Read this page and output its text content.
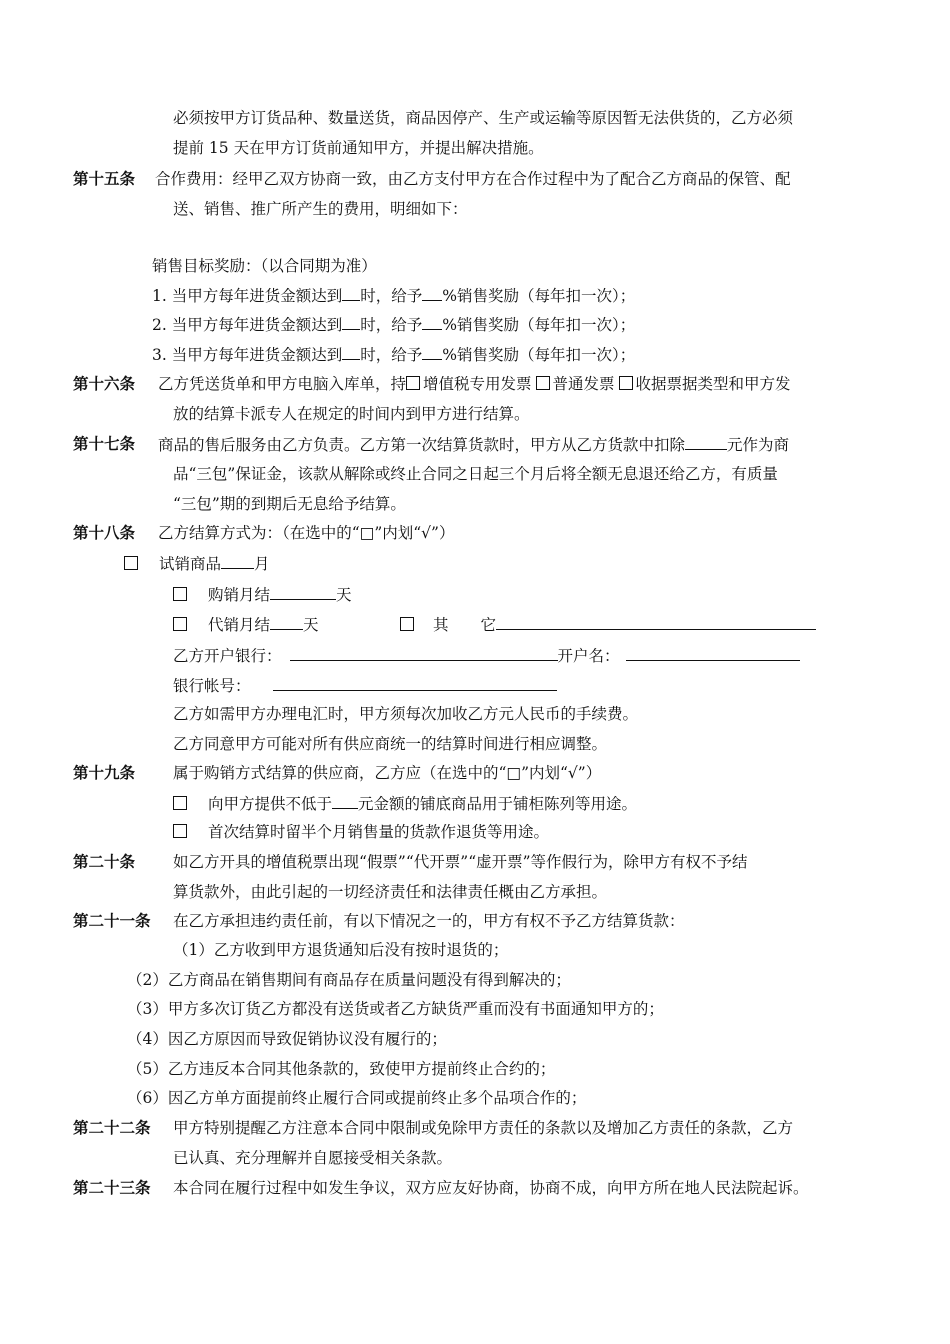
必须按甲方订货品种、数量送货，商品因停产、生产或运输等原因暂无法供货的，乙方必须
提前 15 天在甲方订货前通知甲方，并提出解决措施。
第十五条 合作费用：经甲乙双方协商一致，由乙方支付甲方在合作过程中为了配合乙方商品的保管、配
送、销售、推广所产生的费用，明细如下：
销售目标奖励：（以合同期为准）
1. 当甲方每年进货金额达到 时，给予 %销售奖励（每年扣一次）；
2. 当甲方每年进货金额达到 时，给予 %销售奖励（每年扣一次）；
3. 当甲方每年进货金额达到 时，给予 %销售奖励（每年扣一次）；
第十六条 乙方凭送货单和甲方电脑入库单，持 增值税专用发票 普通发票 收据票据类型和甲方发
放的结算卡派专人在规定的时间内到甲方进行结算。
第十七条 商品的售后服务由乙方负责。乙方第一次结算货款时，甲方从乙方货款中扣除	元作为商
品“三包”保证金，该款从解除或终止合同之日起三个月后将全额无息退还给乙方，有质量
“三包”期的到期后无息给予结算。
第十八条 乙方结算方式为：（在选中的“□”内划“√”）
试销商品 月
购销月结	天
代销月结 天	其 它
乙方开户银行：	开户名：
银行帐号：
乙方如需甲方办理电汇时，甲方须每次加收乙方元人民币的手续费。
乙方同意甲方可能对所有供应商统一的结算时间进行相应调整。
第十九条 属于购销方式结算的供应商，乙方应（在选中的“□”内划“√”）
向甲方提供不低于 元金额的铺底商品用于铺柜陈列等用途。
首次结算时留半个月销售量的货款作退货等用途。
第二十条 如乙方开具的增值税票出现“假票”“代开票”“虚开票”等作假行为，除甲方有权不予结
算货款外，由此引起的一切经济责任和法律责任概由乙方承担。
第二十一条 在乙方承担违约责任前，有以下情况之一的，甲方有权不予乙方结算货款：
（1）乙方收到甲方退货通知后没有按时退货的；
（2）乙方商品在销售期间有商品存在质量问题没有得到解决的；
（3）甲方多次订货乙方都没有送货或者乙方缺货严重而没有书面通知甲方的；
（4）因乙方原因而导致促销协议没有履行的；
（5）乙方违反本合同其他条款的，致使甲方提前终止合约的；
（6）因乙方单方面提前终止履行合同或提前终止多个品项合作的；
第二十二条 甲方特别提醒乙方注意本合同中限制或免除甲方责任的条款以及增加乙方责任的条款，乙方
已认真、充分理解并自愿接受相关条款。
第二十三条 本合同在履行过程中如发生争议，双方应友好协商，协商不成，向甲方所在地人民法院起诉。
